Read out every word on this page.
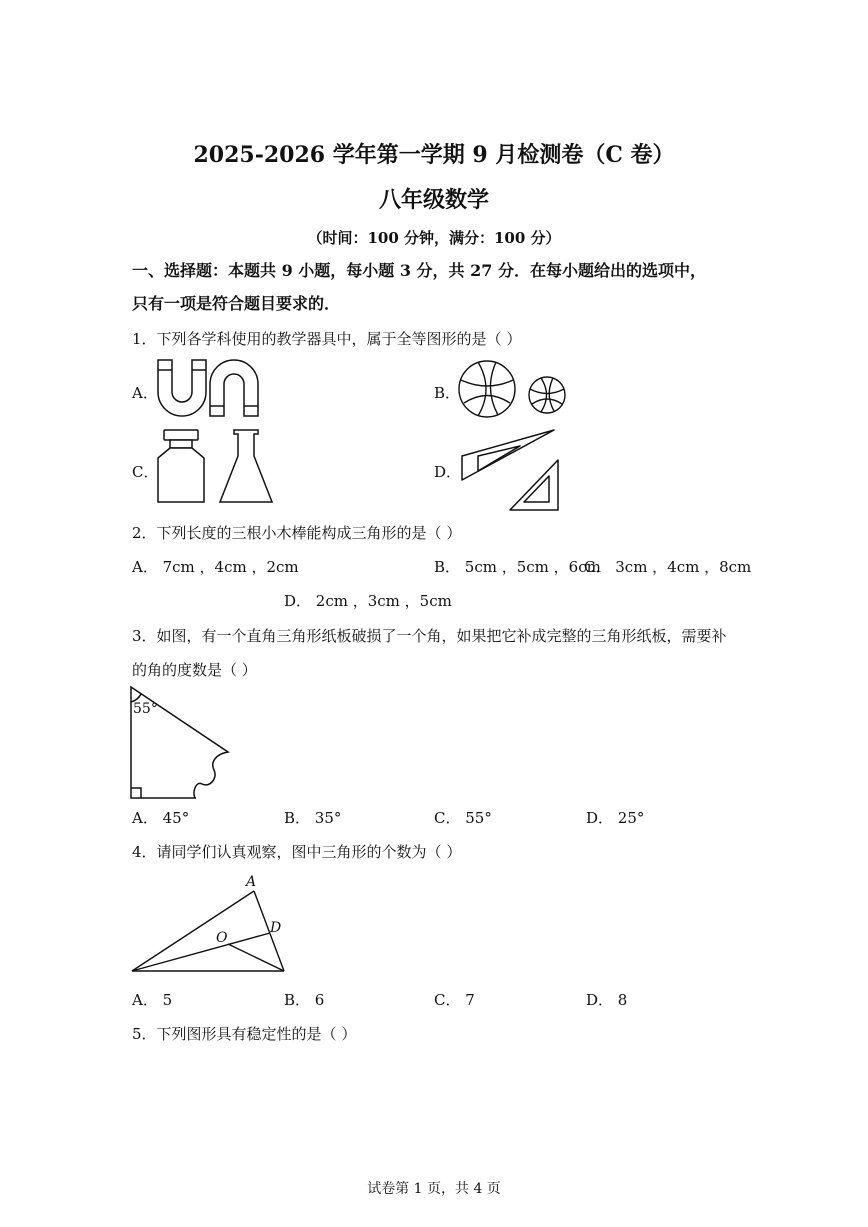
2025-2026 学年第一学期 9 月检测卷（C 卷）
八年级数学
（时间：100 分钟，满分：100 分）
一、选择题：本题共 9 小题，每小题 3 分，共 27 分．在每小题给出的选项中，
只有一项是符合题目要求的．
1．下列各学科使用的教学器具中，属于全等图形的是（ ）
A．	B．
C．	D．
2．下列长度的三根小木棒能构成三角形的是（ ）
A． 7cm ，4cm ，2cm	B． 5cm ，5cm ，6cm
C． 3cm ，4cm ，8cm
D． 2cm ，3cm ，5cm
3．如图，有一个直角三角形纸板破损了一个角，如果把它补成完整的三角形纸板，需要补
的角的度数是（ ）
55°
A． 45°	B． 35°	C． 55°	D． 25°
4．请同学们认真观察，图中三角形的个数为（ ）
A
D
O
A． 5	B． 6	C． 7	D． 8
5．下列图形具有稳定性的是（ ）
试卷第 1 页，共 4 页
